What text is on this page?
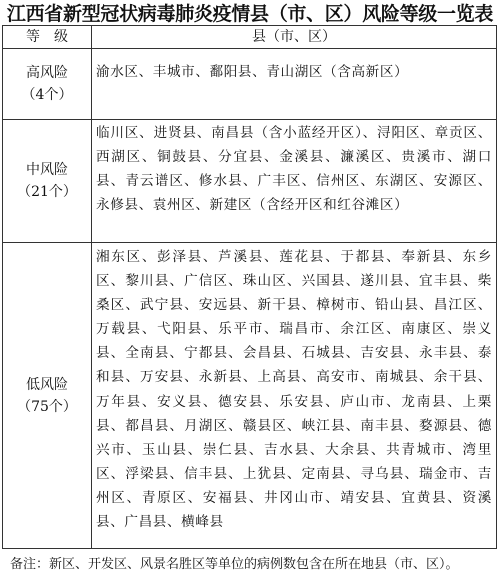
江西省新型冠状病毒肺炎疫情县（市、区）风险等级一览表
等　级	县（市、区）
高风险
（4个）
渝水区、丰城市、鄱阳县、青山湖区（含高新区）
中风险
（21个）
临川区、进贤县、南昌县（含小蓝经开区）、浔阳区、章贡区、西湖区、铜鼓县、分宜县、金溪县、濂溪区、贵溪市、湖口县、青云谱区、修水县、广丰区、信州区、东湖区、安源区、永修县、袁州区、新建区（含经开区和红谷滩区）
低风险
（75个）
湘东区、彭泽县、芦溪县、莲花县、于都县、奉新县、东乡区、黎川县、广信区、珠山区、兴国县、遂川县、宜丰县、柴桑区、武宁县、安远县、新干县、樟树市、铅山县、昌江区、万载县、弋阳县、乐平市、瑞昌市、余江区、南康区、崇义县、全南县、宁都县、会昌县、石城县、吉安县、永丰县、泰和县、万安县、永新县、上高县、高安市、南城县、余干县、万年县、安义县、德安县、乐安县、庐山市、龙南县、上栗县、都昌县、月湖区、赣县区、峡江县、南丰县、婺源县、德兴市、玉山县、崇仁县、吉水县、大余县、共青城市、湾里区、浮梁县、信丰县、上犹县、定南县、寻乌县、瑞金市、吉州区、青原区、安福县、井冈山市、靖安县、宜黄县、资溪县、广昌县、横峰县
备注：新区、开发区、风景名胜区等单位的病例数包含在所在地县（市、区）。
